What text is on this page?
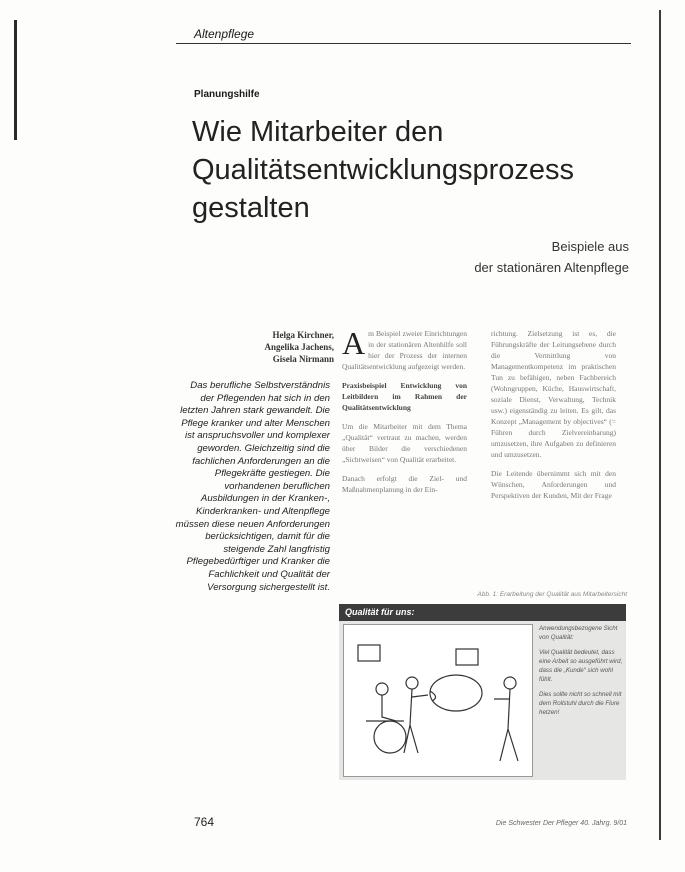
Altenpflege
Planungshilfe
Wie Mitarbeiter den
Qualitätsentwicklungsprozess
gestalten
Beispiele aus
der stationären Altenpflege
Helga Kirchner,
Angelika Jachens,
Gisela Nirmann
Das berufliche Selbstverständnis der Pflegenden hat sich in den letzten Jahren stark gewandelt. Die Pflege kranker und alter Menschen ist anspruchsvoller und komplexer geworden. Gleichzeitig sind die fachlichen Anforderungen an die Pflegekräfte gestiegen. Die vorhandenen beruflichen Ausbildungen in der Kranken-, Kinderkranken- und Altenpflege müssen diese neuen Anforderungen berücksichtigen, damit für die steigende Zahl langfristig Pflegebedürftiger und Kranker die Fachlichkeit und Qualität der Versorgung sichergestellt ist.

Am Beispiel zweier Einrichtungen in der stationären Altenhilfe soll hier der Prozess der internen Qualitätsentwicklung aufgezeigt werden.

Praxisbeispiel Entwicklung von Leitbildern im Rahmen der Qualitätsentwicklung

Um die Mitarbeiter mit dem Thema „Qualität“ vertraut zu machen, werden über Bilder die verschiedenen „Sichtweisen“ von Qualität erarbeitet.

Danach erfolgt die Ziel- und Maßnahmenplanung in der Ein-

richtung. Zielsetzung ist es, die Führungskräfte der Leitungsebene durch die Vermittlung von Managementkompetenz im praktischen Tun zu befähigen, neben Fachbereich (Wohngruppen, Küche, Hauswirtschaft, soziale Dienst, Verwaltung, Technik usw.) eigenständig zu leiten. Es gilt, das Konzept „Management by objectives“ (= Führen durch Zielvereinbarung) umzusetzen, ihre Aufgaben zu definieren und umzusetzen.

Die Leitende übernimmt sich mit den Wünschen, Anforderungen und Perspektiven der Kunden, Mit der Frage

Abb. 1: Erarbeitung der Qualität aus Mitarbeitersicht
Qualität für uns:

Anwendungsbezogene Sicht von Qualität:

Viel Qualität bedeutet, dass eine Arbeit so ausgeführt wird, dass die „Kunde“ sich wohl fühlt.

Dies sollte nicht so schnell mit dem Rollstuhl durch die Flure hetzen!

764	Die Schwester Der Pfleger 40. Jahrg. 9/01
